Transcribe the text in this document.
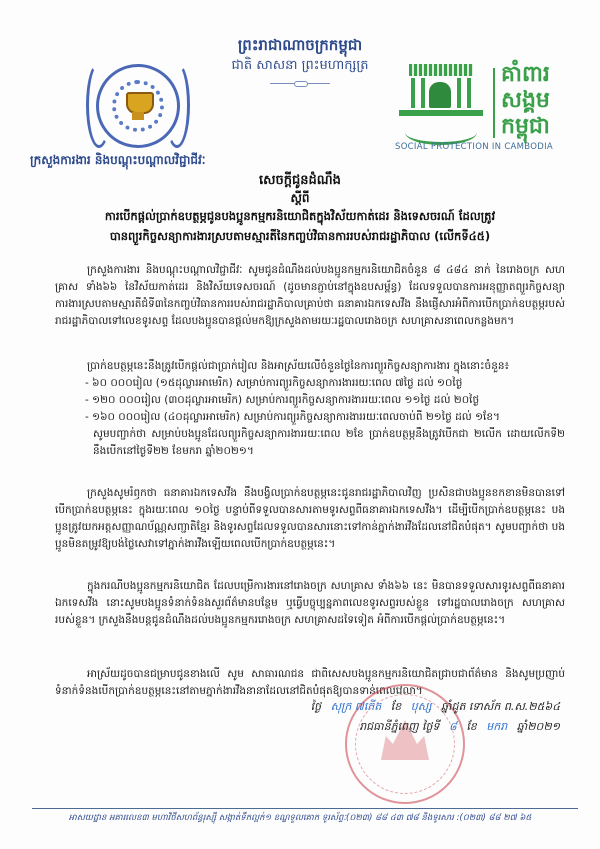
ព្រះរាជាណាចក្រកម្ពុជា
ជាតិ សាសនា ព្រះមហាក្សត្រ	គាំពារ
សង្គម
កម្ពុជា
SOCIAL PROTECTION IN CAMBODIA
ក្រសួងការងារ និងបណ្តុះបណ្តាលវិជ្ជាជីវៈ
សេចក្តីជូនដំណឹង
ស្តីពី
ការបើកផ្តល់ប្រាក់ឧបត្ថម្ភជូនបងប្អូនកម្មករនិយោជិតក្នុងវិស័យកាត់ដេរ និងទេសចរណ៍ ដែលត្រូវ
បានព្យួរកិច្ចសន្យាការងារស្របតាមស្មារតីនៃកញ្ចប់វិធានការរបស់រាជរដ្ឋាភិបាល (លើកទី៤៥)
ក្រសួងការងារ និងបណ្តុះបណ្តាលវិជ្ជាជីវៈ សូមជូនដំណឹងដល់បងប្អូនកម្មករនិយោជិតចំនួន ៨ ៤៨៤ នាក់ នៃរោងចក្រ សហគ្រាស ទាំង៦៦ នៃវិស័យកាត់ដេរ និងវិស័យទេសចរណ៍ (ដូចមានភ្ជាប់នៅក្នុងឧបសម្ព័ន្ធ) ដែលទទួលបានការអនុញ្ញាតព្យួរកិច្ចសន្យាការងារស្របតាមស្មារតីជំទី៣នៃកញ្ចប់វិធានការរបស់រាជរដ្ឋាភិបាលគ្រាប់ថា ធនាគារឯកទេសវីង នឹងផ្ញើសារអំពីការបើកប្រាក់ឧបត្ថម្ភរបស់រាជរដ្ឋាភិបាលទៅលេខទូរសព្ទ ដែលបងប្អូនបានផ្តល់មកឱ្យក្រសួងតាមរយៈរដ្ឋបាលរោងចក្រ សហគ្រាសនាពេលកន្លងមក។
ប្រាក់ឧបត្ថម្ភនេះនឹងត្រូវបើកផ្តល់ជាប្រាក់រៀល និងអាស្រ័យលើចំនួនថ្ងៃនៃការព្យួរកិច្ចសន្យាការងារ ក្នុងនោះចំនួន៖
- ៦០ ០០០រៀល (១៥ដុល្លារអាមេរិក) សម្រាប់ការព្យួរកិច្ចសន្យាការងាររយៈពេល ៧ថ្ងៃ ដល់ ១០ថ្ងៃ
- ១២០ ០០០រៀល (៣០ដុល្លារអាមេរិក) សម្រាប់ការព្យួរកិច្ចសន្យាការងាររយៈពេល ១១ថ្ងៃ ដល់ ២០ថ្ងៃ
- ១៦០ ០០០រៀល (៤០ដុល្លារអាមេរិក) សម្រាប់ការព្យួរកិច្ចសន្យាការងាររយៈពេលចាប់ពី ២១ថ្ងៃ ដល់ ១ខែ។
សូមបញ្ជាក់ថា សម្រាប់បងប្អូនដែលព្យួរកិច្ចសន្យាការងាររយៈពេល ២ខែ ប្រាក់ឧបត្ថម្ភនឹងត្រូវបើកជា ២លើក ដោយលើកទី២ នឹងបើកនៅថ្ងៃទី២២ ខែមករា ឆ្នាំ២០២១។
ក្រសួងសូមរំឭកថា ធនាគារឯកទេសវីង នឹងបង្វិលប្រាក់ឧបត្ថម្ភនេះជូនរាជរដ្ឋាភិបាលវិញ ប្រសិនជាបងប្អូនខកខានមិនបានទៅបើកប្រាក់ឧបត្ថម្ភនេះ ក្នុងរយៈពេល ១០ថ្ងៃ បន្ទាប់ពីទទួលបានសារតាមទូរសព្ទពីធនាគារឯកទេសវីង។ ដើម្បីបើកប្រាក់ឧបត្ថម្ភនេះ បងប្អូនត្រូវយកអត្តសញ្ញាណប័ណ្ណសញ្ជាតិខ្មែរ និងទូរសព្ទដែលទទួលបានសារនោះទៅកាន់ភ្នាក់ងារវីងដែលនៅជិតបំផុត។ សូមបញ្ជាក់ថា បងប្អូនមិនតម្រូវឱ្យបង់ថ្លៃសេវាទៅភ្នាក់ងារវីងឡើយពេលបើកប្រាក់ឧបត្ថម្ភនេះ។
ក្នុងករណីបងប្អូនកម្មករនិយោជិត ដែលបម្រើការងារនៅរោងចក្រ សហគ្រាស ទាំង៦៦ នេះ មិនបានទទួលសារទូរសព្ទពីធនាគារឯកទេសវីង នោះសូមបងប្អូនទំនាក់ទំនងសួរព័ត៌មានបន្ថែម ឬធ្វើបច្ចុប្បន្នភាពលេខទូរសព្ទរបស់ខ្លួន ទៅរដ្ឋបាលរោងចក្រ សហគ្រាសរបស់ខ្លួន។ ក្រសួងនឹងបន្តជូនដំណឹងដល់បងប្អូនកម្មកររោងចក្រ សហគ្រាសដទៃទៀត អំពីការបើកផ្តល់ប្រាក់ឧបត្ថម្ភនេះ។
អាស្រ័យដូចបានជម្រាបជូនខាងលើ សូម សាធារណជន ជាពិសេសបងប្អូនកម្មករនិយោជិតជ្រាបជាព័ត៌មាន និងសូមប្រញាប់ទំនាក់ទំនងបើកប្រាក់ឧបត្ថម្ភនេះនៅតាមភ្នាក់ងារវីងនានាដែលនៅជិតបំផុតឱ្យបានទាន់ពេលវេលា។
ថ្ងៃ សុក្រ ៧កើត ខែ បុស្ស ឆ្នាំជូត ទោស័ក ព.ស.២៥៦៤
រាជធានីភ្នំពេញ ថ្ងៃទី ៨ ខែ មករា ឆ្នាំ២០២១
អាសយដ្ឋាន អគារលេខ៣ មហាវិថីសហព័ន្ធរុស្ស៊ី សង្កាត់ទឹកល្អក់១ ខណ្ឌទួលគោក ទូរស័ព្ទៈ(០២៣) ៨៨ ៤៣ ៧៨ និងទូរសារ :(០២៣) ៨៨ ២៧ ៦៥
